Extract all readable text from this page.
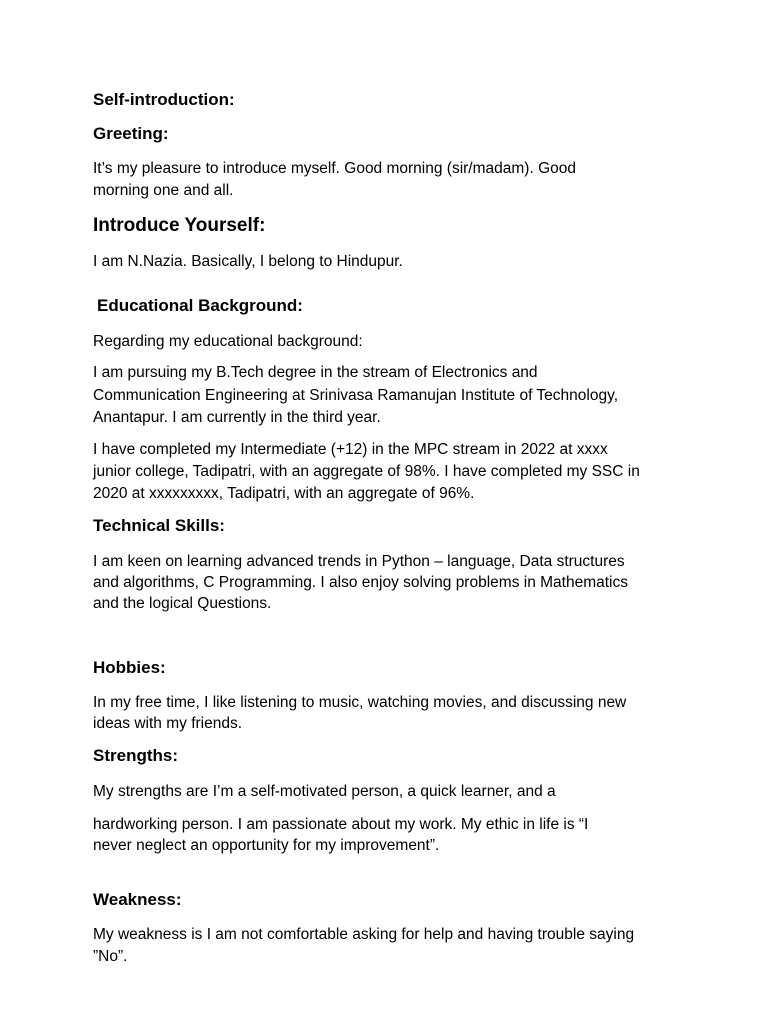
Self-introduction:

Greeting:

It’s my pleasure to introduce myself. Good morning (sir/madam). Good

morning one and all.

Introduce Yourself:

I am N.Nazia. Basically, I belong to Hindupur.

Educational Background:

Regarding my educational background:

I am pursuing my B.Tech degree in the stream of Electronics and

Communication Engineering at Srinivasa Ramanujan Institute of Technology,

Anantapur. I am currently in the third year.

I have completed my Intermediate (+12) in the MPC stream in 2022 at xxxx

junior college, Tadipatri, with an aggregate of 98%. I have completed my SSC in

2020 at xxxxxxxxx, Tadipatri, with an aggregate of 96%.

Technical Skills:

I am keen on learning advanced trends in Python – language, Data structures

and algorithms, C Programming. I also enjoy solving problems in Mathematics

and the logical Questions.

Hobbies:

In my free time, I like listening to music, watching movies, and discussing new

ideas with my friends.

Strengths:

My strengths are I’m a self-motivated person, a quick learner, and a

hardworking person. I am passionate about my work. My ethic in life is “I

never neglect an opportunity for my improvement”.

Weakness:

My weakness is I am not comfortable asking for help and having trouble saying

”No”.
